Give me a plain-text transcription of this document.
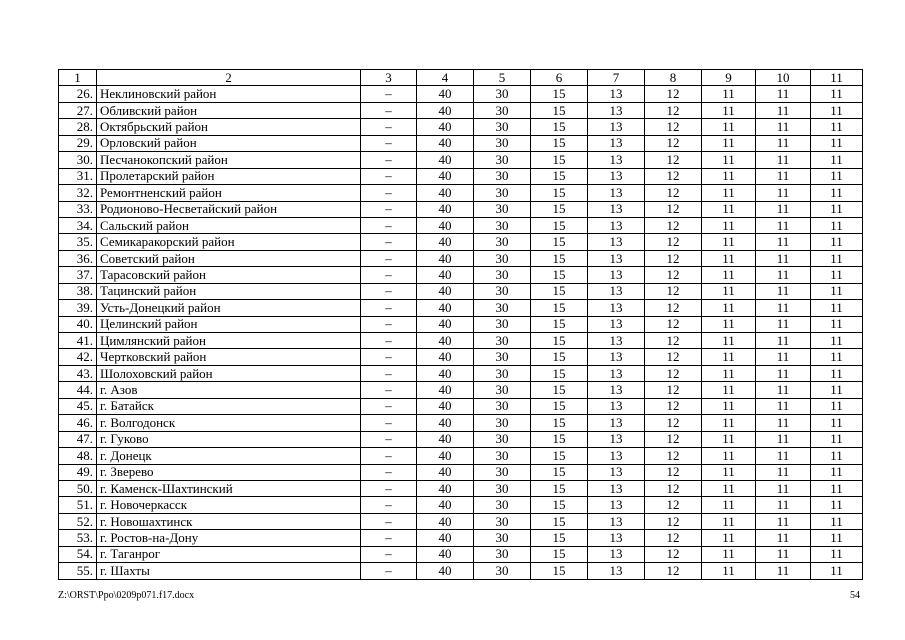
1	2	3	4	5	6	7	8	9	10	11
26.	Неклиновский район	–	40	30	15	13	12	11	11	11
27.	Обливский район	–	40	30	15	13	12	11	11	11
28.	Октябрьский район	–	40	30	15	13	12	11	11	11
29.	Орловский район	–	40	30	15	13	12	11	11	11
30.	Песчанокопский район	–	40	30	15	13	12	11	11	11
31.	Пролетарский район	–	40	30	15	13	12	11	11	11
32.	Ремонтненский район	–	40	30	15	13	12	11	11	11
33.	Родионово-Несветайский район	–	40	30	15	13	12	11	11	11
34.	Сальский район	–	40	30	15	13	12	11	11	11
35.	Семикаракорский район	–	40	30	15	13	12	11	11	11
36.	Советский район	–	40	30	15	13	12	11	11	11
37.	Тарасовский район	–	40	30	15	13	12	11	11	11
38.	Тацинский район	–	40	30	15	13	12	11	11	11
39.	Усть-Донецкий район	–	40	30	15	13	12	11	11	11
40.	Целинский район	–	40	30	15	13	12	11	11	11
41.	Цимлянский район	–	40	30	15	13	12	11	11	11
42.	Чертковский район	–	40	30	15	13	12	11	11	11
43.	Шолоховский район	–	40	30	15	13	12	11	11	11
44.	г. Азов	–	40	30	15	13	12	11	11	11
45.	г. Батайск	–	40	30	15	13	12	11	11	11
46.	г. Волгодонск	–	40	30	15	13	12	11	11	11
47.	г. Гуково	–	40	30	15	13	12	11	11	11
48.	г. Донецк	–	40	30	15	13	12	11	11	11
49.	г. Зверево	–	40	30	15	13	12	11	11	11
50.	г. Каменск-Шахтинский	–	40	30	15	13	12	11	11	11
51.	г. Новочеркасск	–	40	30	15	13	12	11	11	11
52.	г. Новошахтинск	–	40	30	15	13	12	11	11	11
53.	г. Ростов-на-Дону	–	40	30	15	13	12	11	11	11
54.	г. Таганрог	–	40	30	15	13	12	11	11	11
55.	г. Шахты	–	40	30	15	13	12	11	11	11
Z:\ORST\Ppo\0209p071.f17.docx	54
